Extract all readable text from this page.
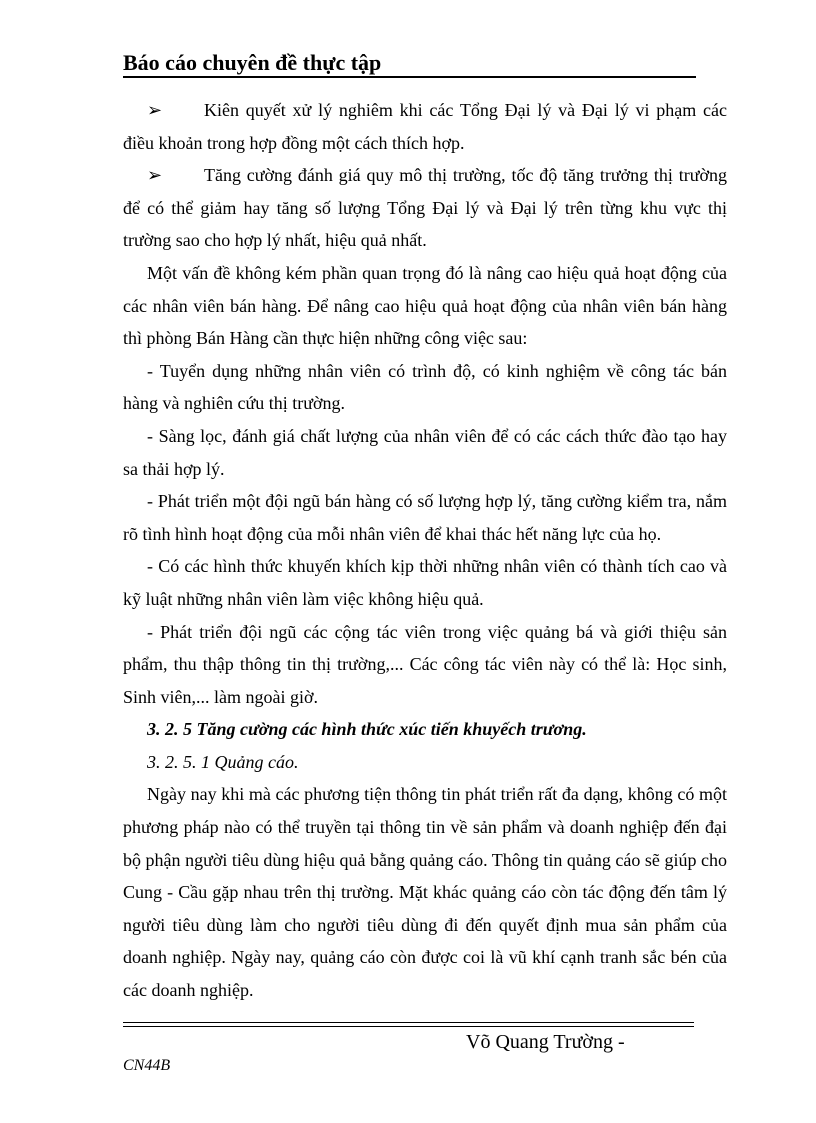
Báo cáo chuyên đề thực tập

➢ Kiên quyết xử lý nghiêm khi các Tổng Đại lý và Đại lý vi phạm các điều khoản trong hợp đồng một cách thích hợp.

➢ Tăng cường đánh giá quy mô thị trường, tốc độ tăng trưởng thị trường để có thể giảm hay tăng số lượng Tổng Đại lý và Đại lý trên từng khu vực thị trường sao cho hợp lý nhất, hiệu quả nhất.

Một vấn đề không kém phần quan trọng đó là nâng cao hiệu quả hoạt động của các nhân viên bán hàng. Để nâng cao hiệu quả hoạt động của nhân viên bán hàng thì phòng Bán Hàng cần thực hiện những công việc sau:

- Tuyển dụng những nhân viên có trình độ, có kinh nghiệm về công tác bán hàng và nghiên cứu thị trường.

- Sàng lọc, đánh giá chất lượng của nhân viên để có các cách thức đào tạo hay sa thải hợp lý.

- Phát triển một đội ngũ bán hàng có số lượng hợp lý, tăng cường kiểm tra, nắm rõ tình hình hoạt động của mỗi nhân viên để khai thác hết năng lực của họ.

- Có các hình thức khuyến khích kịp thời những nhân viên có thành tích cao và kỹ luật những nhân viên làm việc không hiệu quả.

- Phát triển đội ngũ các cộng tác viên trong việc quảng bá và giới thiệu sản phẩm, thu thập thông tin thị trường,... Các công tác viên này có thể là: Học sinh, Sinh viên,... làm ngoài giờ.

3. 2. 5 Tăng cường các hình thức xúc tiến khuyếch trương.

3. 2. 5. 1 Quảng cáo.

Ngày nay khi mà các phương tiện thông tin phát triển rất đa dạng, không có một phương pháp nào có thể truyền tại thông tin về sản phẩm và doanh nghiệp đến đại bộ phận người tiêu dùng hiệu quả bằng quảng cáo. Thông tin quảng cáo sẽ giúp cho Cung - Cầu gặp nhau trên thị trường. Mặt khác quảng cáo còn tác động đến tâm lý người tiêu dùng làm cho người tiêu dùng đi đến quyết định mua sản phẩm của doanh nghiệp. Ngày nay, quảng cáo còn được coi là vũ khí cạnh tranh sắc bén của các doanh nghiệp.

Võ Quang Trường -
CN44B
